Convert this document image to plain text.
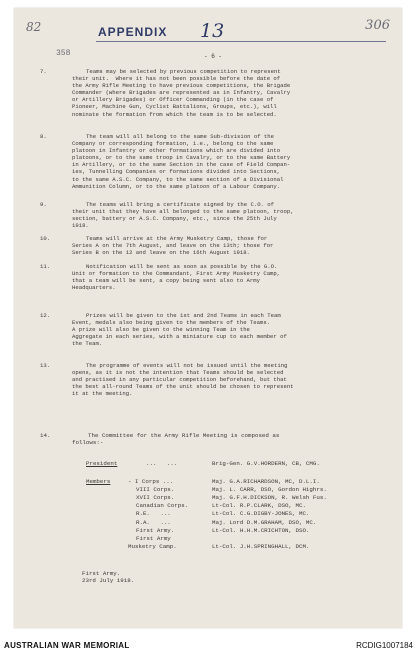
82	306
APPENDIX 13
358	- 6 -
7.	Teams may be selected by previous competition to represent
their unit.  Where it has not been possible before the date of
the Army Rifle Meeting to have previous competitions, the Brigade
Commander (where Brigades are represented as in Infantry, Cavalry
or Artillery Brigades) or Officer Commanding (in the case of
Pioneer, Machine Gun, Cyclist Battalions, Groups, etc.), will
nominate the formation from which the team is to be selected.
8.	The team will all belong to the same Sub-division of the
Company or corresponding formation, i.e., belong to the same
platoon in Infantry or other formations which are divided into
platoons, or to the same troop in Cavalry, or to the same Battery
in Artillery, or to the same Section in the case of Field Compan-
ies, Tunnelling Companies or formations divided into Sections,
to the same A.S.C. Company, to the same section of a Divisional
Ammunition Column, or to the same platoon of a Labour Company.
9.	The teams will bring a certificate signed by the C.O. of
their unit that they have all belonged to the same platoon, troop,
section, battery or A.S.C. Company, etc., since the 25th July
1918.
10.	Teams will arrive at the Army Musketry Camp, those for
Series A on the 7th August, and leave on the 13th; those for
Series B on the 12 and leave on the 16th August 1918.
11.	Notification will be sent as soon as possible by the G.O.
Unit or formation to the Commandant, First Army Musketry Camp,
that a team will be sent, a copy being sent also to Army
Headquarters.
12.	Prizes will be given to the 1st and 2nd Teams in each Team
Event, medals also being given to the members of the Teams.
A prize will also be given to the winning Team in the
Aggregate in each series, with a miniature cup to each member of
the Team.
13.	The programme of events will not be issued until the meeting
opens, as it is not the intention that Teams should be selected
and practised in any particular competition beforehand, but that
the best all-round Teams of the unit should be chosen to represent
it at the meeting.
14.	The Committee for the Army Rifle Meeting is composed as
follows:-
President	...   ...	Brig-Gen. G.V.HORDERN, CB, CMG.
Members	- I Corps ...	Maj. G.A.RICHARDSON, MC, D.L.I.
VIII Corps.	Maj. L. CARR, DSO, Gordon Highrs.
XVII Corps.	Maj. G.F.H.DICKSON, R. Welsh Fus.
Canadian Corps.	Lt-Col. R.P.CLARK, DSO, MC.
R.E.   ...	Lt-Col. C.G.DIGBY-JONES, MC.
R.A.   ...	Maj. Lord D.M.GRAHAM, DSO, MC.
First Army.	Lt-Col. H.H.M.CRICHTON, DSO.
First Army
Musketry Camp.	Lt-Col. J.H.SPRINGHALL, DCM.
First Army.
23rd July 1918.
AUSTRALIAN WAR MEMORIAL	RCDIG1007184
